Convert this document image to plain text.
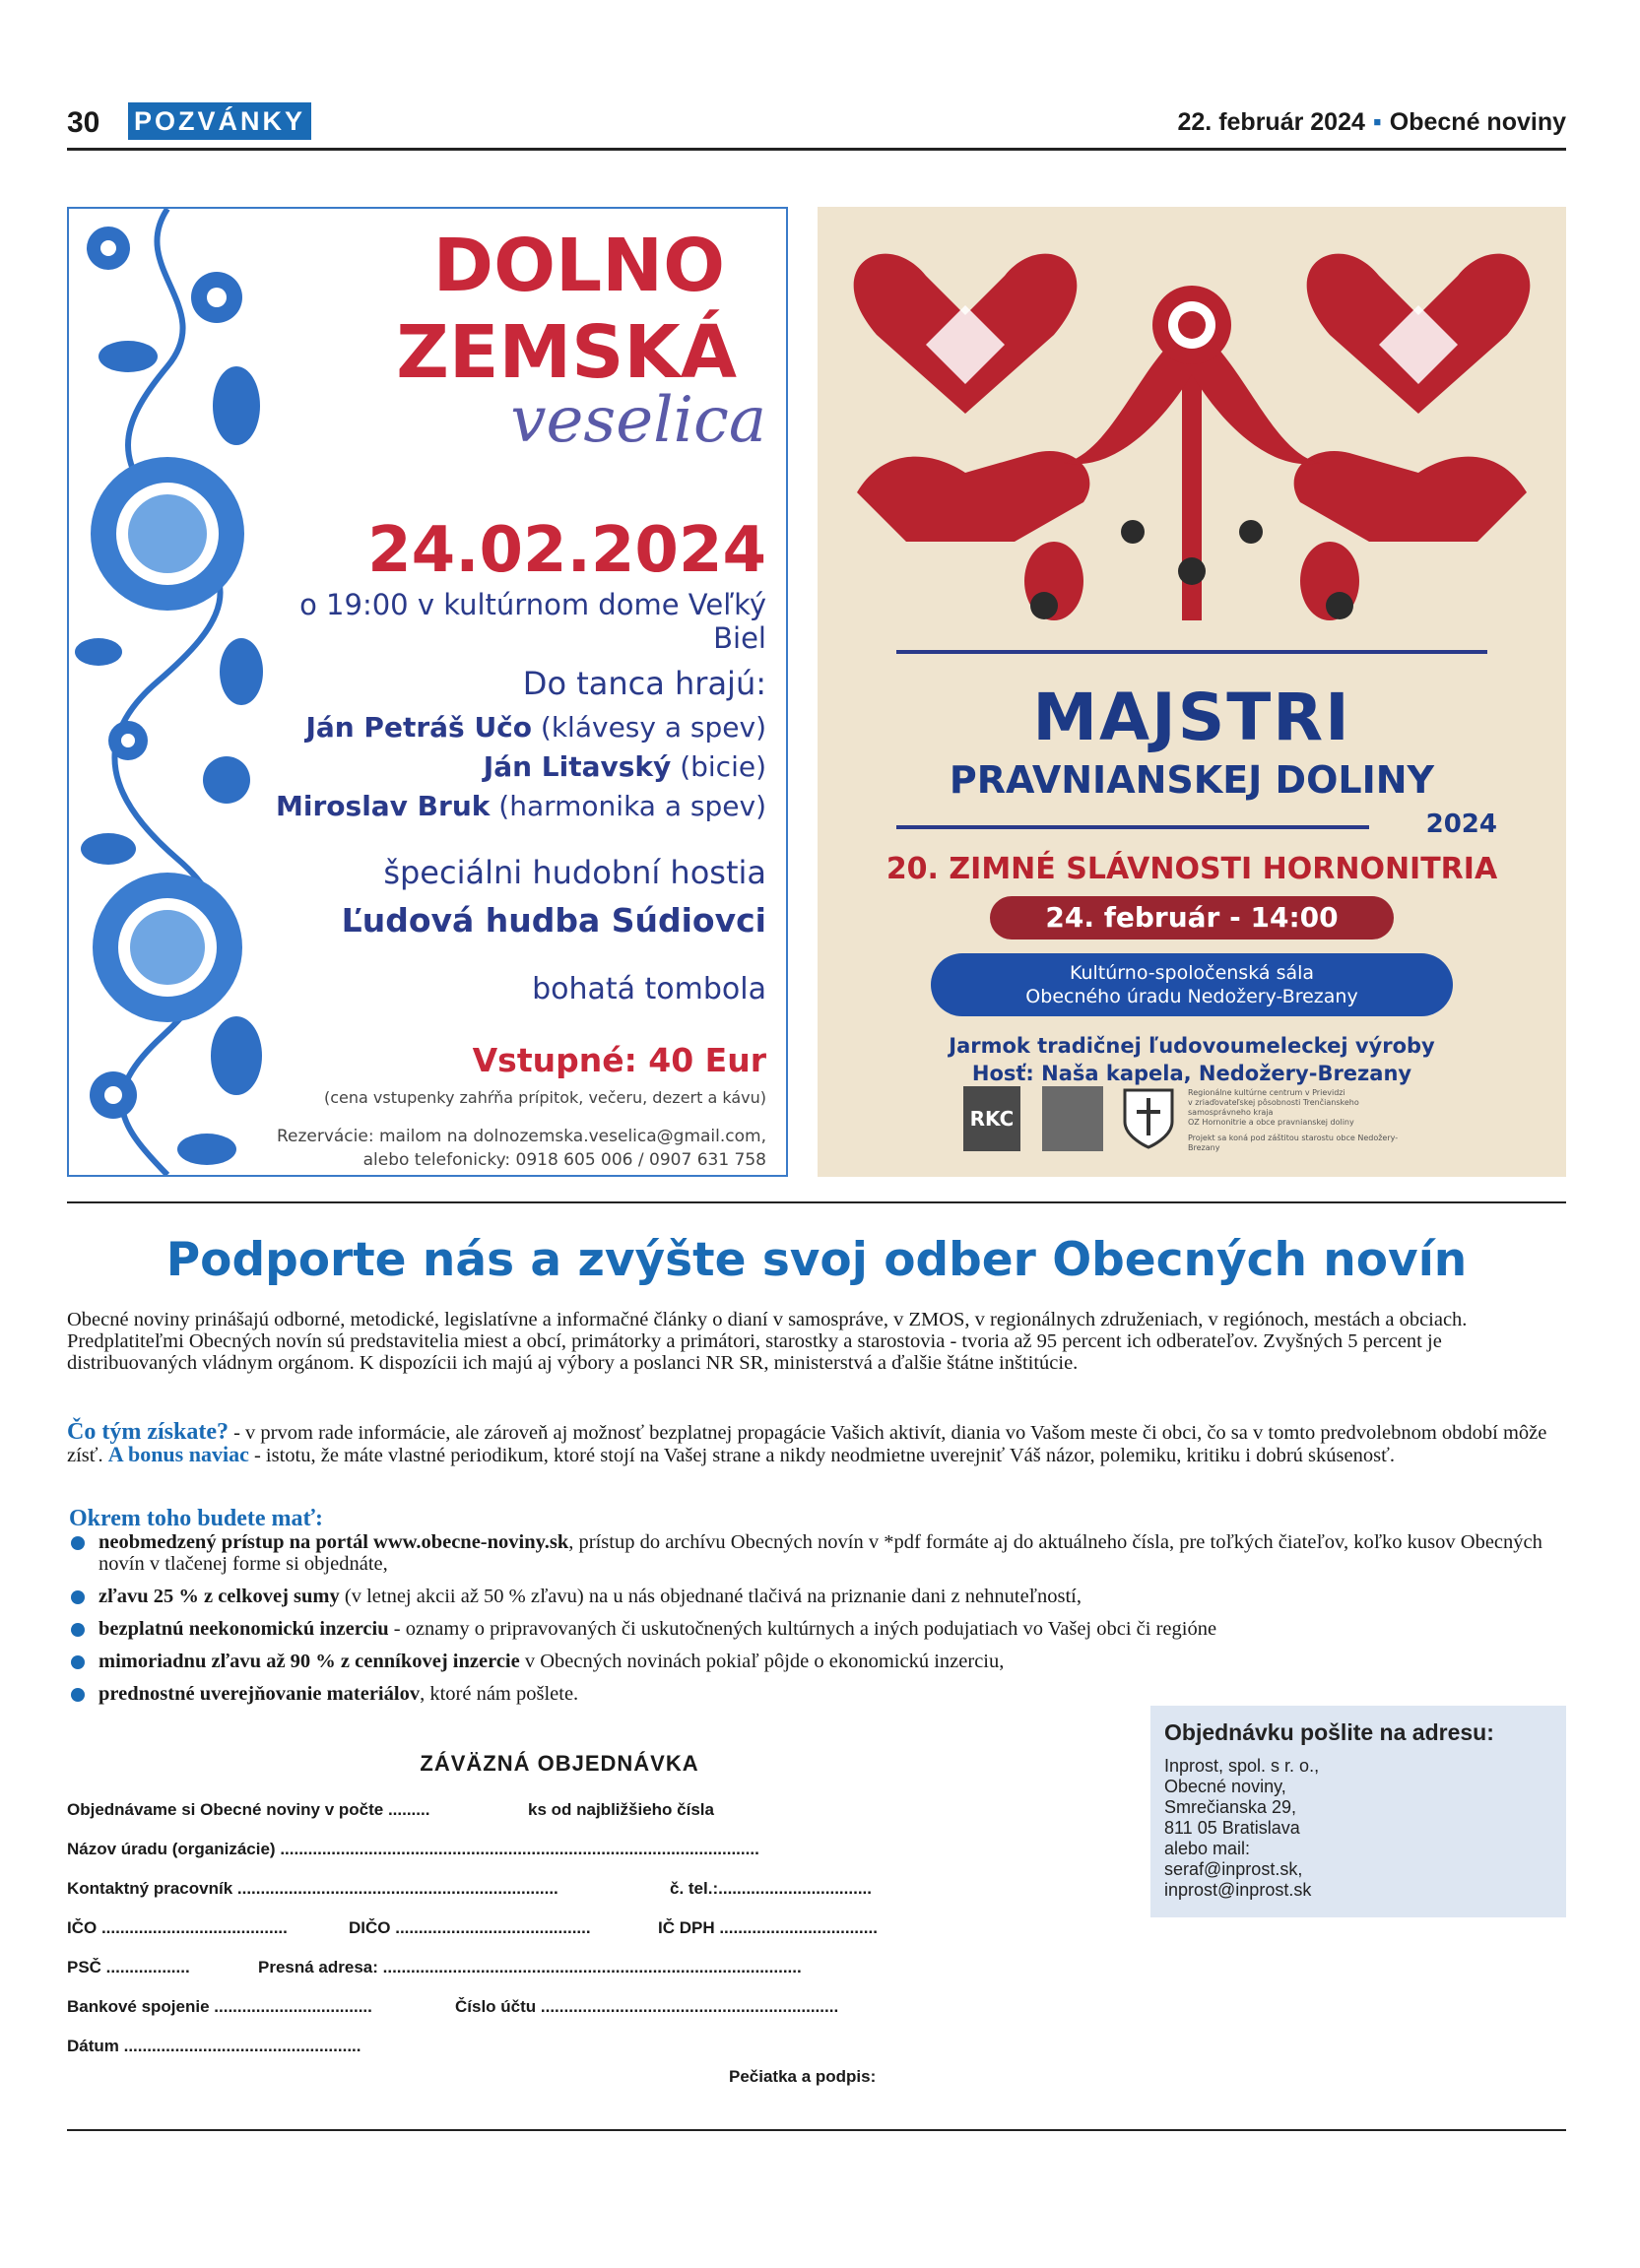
30 POZVÁNKY	22. február 2024 ▪ Obecné noviny
DOLNO
ZEMSKÁ
veselica
24.02.2024
o 19:00 v kultúrnom dome Veľký Biel
Do tanca hrajú:
Ján Petráš Učo (klávesy a spev)
Ján Litavský (bicie)
Miroslav Bruk (harmonika a spev)
špeciálni hudobní hostia
Ľudová hudba Súdiovci
bohatá tombola
Vstupné: 40 Eur
(cena vstupenky zahŕňa prípitok, večeru, dezert a kávu)
Rezervácie: mailom na dolnozemska.veselica@gmail.com,
alebo telefonicky: 0918 605 006 / 0907 631 758
MAJSTRI
PRAVNIANSKEJ DOLINY
2024
20. ZIMNÉ SLÁVNOSTI HORNONITRIA
24. február - 14:00
Kultúrno-spoločenská sála
Obecného úradu Nedožery-Brezany
Jarmok tradičnej ľudovoumeleckej výroby
Hosť: Naša kapela, Nedožery-Brezany
RKC
Regionálne kultúrne centrum v Prievidzi
v zriaďovateľskej pôsobnosti Trenčianskeho samosprávneho kraja
OZ Hornonitrie a obce pravnianskej doliny
Projekt sa koná pod záštitou starostu obce Nedožery-Brezany
Podporte nás a zvýšte svoj odber Obecných novín

Obecné noviny prinášajú odborné, metodické, legislatívne a informačné články o dianí v samospráve, v ZMOS, v regionálnych združeniach, v regiónoch, mestách a obciach. Predplatiteľmi Obecných novín sú predstavitelia miest a obcí, primátorky a primátori, starostky a starostovia - tvoria až 95 percent ich odberateľov. Zvyšných 5 percent je distribuovaných vládnym orgánom. K dispozícii ich majú aj výbory a poslanci NR SR, ministerstvá a ďalšie štátne inštitúcie.

Čo tým získate? - v prvom rade informácie, ale zároveň aj možnosť bezplatnej propagácie Vašich aktivít, diania vo Vašom meste či obci, čo sa v tomto predvolebnom období môže zísť. A bonus naviac - istotu, že máte vlastné periodikum, ktoré stojí na Vašej strane a nikdy neodmietne uverejniť Váš názor, polemiku, kritiku i dobrú skúsenosť.

Okrem toho budete mať:
neobmedzený prístup na portál www.obecne-noviny.sk, prístup do archívu Obecných novín v *pdf formáte aj do aktuálneho čísla, pre toľkých čiateľov, koľko kusov Obecných novín v tlačenej forme si objednáte,
zľavu 25 % z celkovej sumy (v letnej akcii až 50 % zľavu) na u nás objednané tlačivá na priznanie dani z nehnuteľností,
bezplatnú neekonomickú inzerciu - oznamy o pripravovaných či uskutočnených kultúrnych a iných podujatiach vo Vašej obci či regióne
mimoriadnu zľavu až 90 % z cenníkovej inzercie v Obecných novinách pokiaľ pôjde o ekonomickú inzerciu,
prednostné uverejňovanie materiálov, ktoré nám pošlete.
ZÁVÄZNÁ OBJEDNÁVKA
Objednávame si Obecné noviny v počte .........	ks od najbližšieho čísla
Názov úradu (organizácie) .......................................................................................................
Kontaktný pracovník .....................................................................	č. tel.:.................................
IČO ........................................	DIČO ..........................................	IČ DPH ..................................
PSČ ..................	Presná adresa: ..........................................................................................
Bankové spojenie ..................................	Číslo účtu ................................................................
Dátum ...................................................
Pečiatka a podpis:
Objednávku pošlite na adresu:
Inprost, spol. s r. o.,
Obecné noviny,
Smrečianska 29,
811 05 Bratislava
alebo mail:
seraf@inprost.sk,
inprost@inprost.sk
